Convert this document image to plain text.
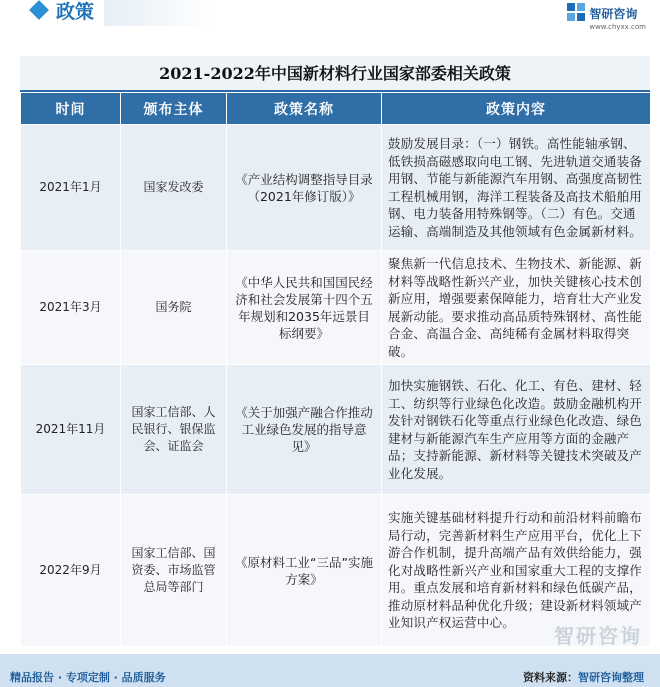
政策	智研咨询
www.chyxx.com
2021-2022年中国新材料行业国家部委相关政策
时间	颁布主体	政策名称	政策内容
2021年1月	国家发改委	《产业结构调整指导目录（2021年修订版）》	鼓励发展目录：（一）钢铁。高性能轴承钢、低铁损高磁感取向电工钢、先进轨道交通装备用钢、节能与新能源汽车用钢、高强度高韧性工程机械用钢，海洋工程装备及高技术船舶用钢、电力装备用特殊钢等。（二）有色。交通运输、高端制造及其他领域有色金属新材料。
2021年3月	国务院	《中华人民共和国国民经济和社会发展第十四个五年规划和2035年远景目标纲要》	聚焦新一代信息技术、生物技术、新能源、新材料等战略性新兴产业，加快关键核心技术创新应用，增强要素保障能力，培育壮大产业发展新动能。要求推动高品质特殊钢材、高性能合金、高温合金、高纯稀有金属材料取得突破。
2021年11月	国家工信部、人民银行、银保监会、证监会	《关于加强产融合作推动工业绿色发展的指导意见》	加快实施钢铁、石化、化工、有色、建材、轻工、纺织等行业绿色化改造。鼓励金融机构开发针对钢铁石化等重点行业绿色化改造、绿色建材与新能源汽车生产应用等方面的金融产品；支持新能源、新材料等关键技术突破及产业化发展。
2022年9月	国家工信部、国资委、市场监管总局等部门	《原材料工业“三品”实施方案》	实施关键基础材料提升行动和前沿材料前瞻布局行动，完善新材料生产应用平台，优化上下游合作机制，提升高端产品有效供给能力，强化对战略性新兴产业和国家重大工程的支撑作用。重点发展和培育新材料和绿色低碳产品，推动原材料品种优化升级；建设新材料领域产业知识产权运营中心。
智研咨询
精品报告 · 专项定制 · 品质服务	资料来源：智研咨询整理
